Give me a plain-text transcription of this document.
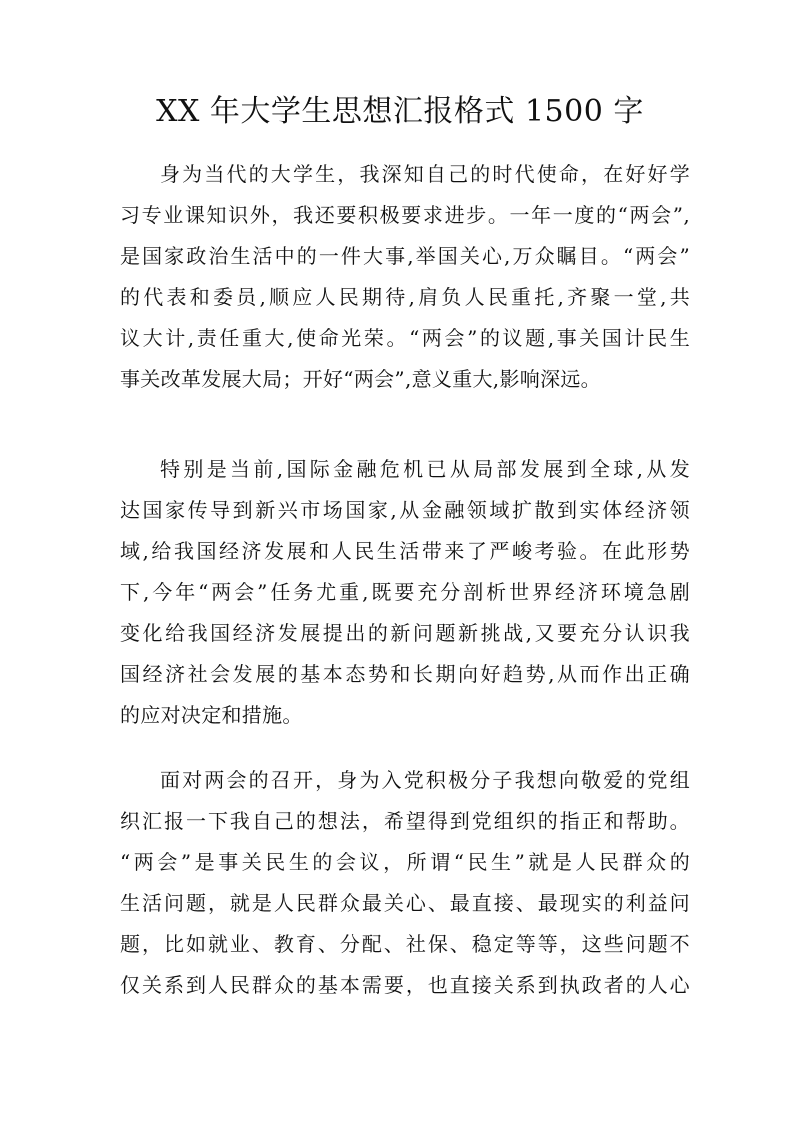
XX 年大学生思想汇报格式 1500 字
身为当代的大学生，我深知自己的时代使命，在好好学
习专业课知识外，我还要积极要求进步。一年一度的“两会”,
是国家政治生活中的一件大事,举国关心,万众瞩目。“两会”
的代表和委员,顺应人民期待,肩负人民重托,齐聚一堂,共
议大计,责任重大,使命光荣。“两会”的议题,事关国计民生
事关改革发展大局；开好“两会”,意义重大,影响深远。
特别是当前,国际金融危机已从局部发展到全球,从发
达国家传导到新兴市场国家,从金融领域扩散到实体经济领
域,给我国经济发展和人民生活带来了严峻考验。在此形势
下,今年“两会”任务尤重,既要充分剖析世界经济环境急剧
变化给我国经济发展提出的新问题新挑战,又要充分认识我
国经济社会发展的基本态势和长期向好趋势,从而作出正确
的应对决定和措施。
面对两会的召开，身为入党积极分子我想向敬爱的党组
织汇报一下我自己的想法，希望得到党组织的指正和帮助。
“两会”是事关民生的会议，所谓“民生”就是人民群众的
生活问题，就是人民群众最关心、最直接、最现实的利益问
题，比如就业、教育、分配、社保、稳定等等，这些问题不
仅关系到人民群众的基本需要，也直接关系到执政者的人心
